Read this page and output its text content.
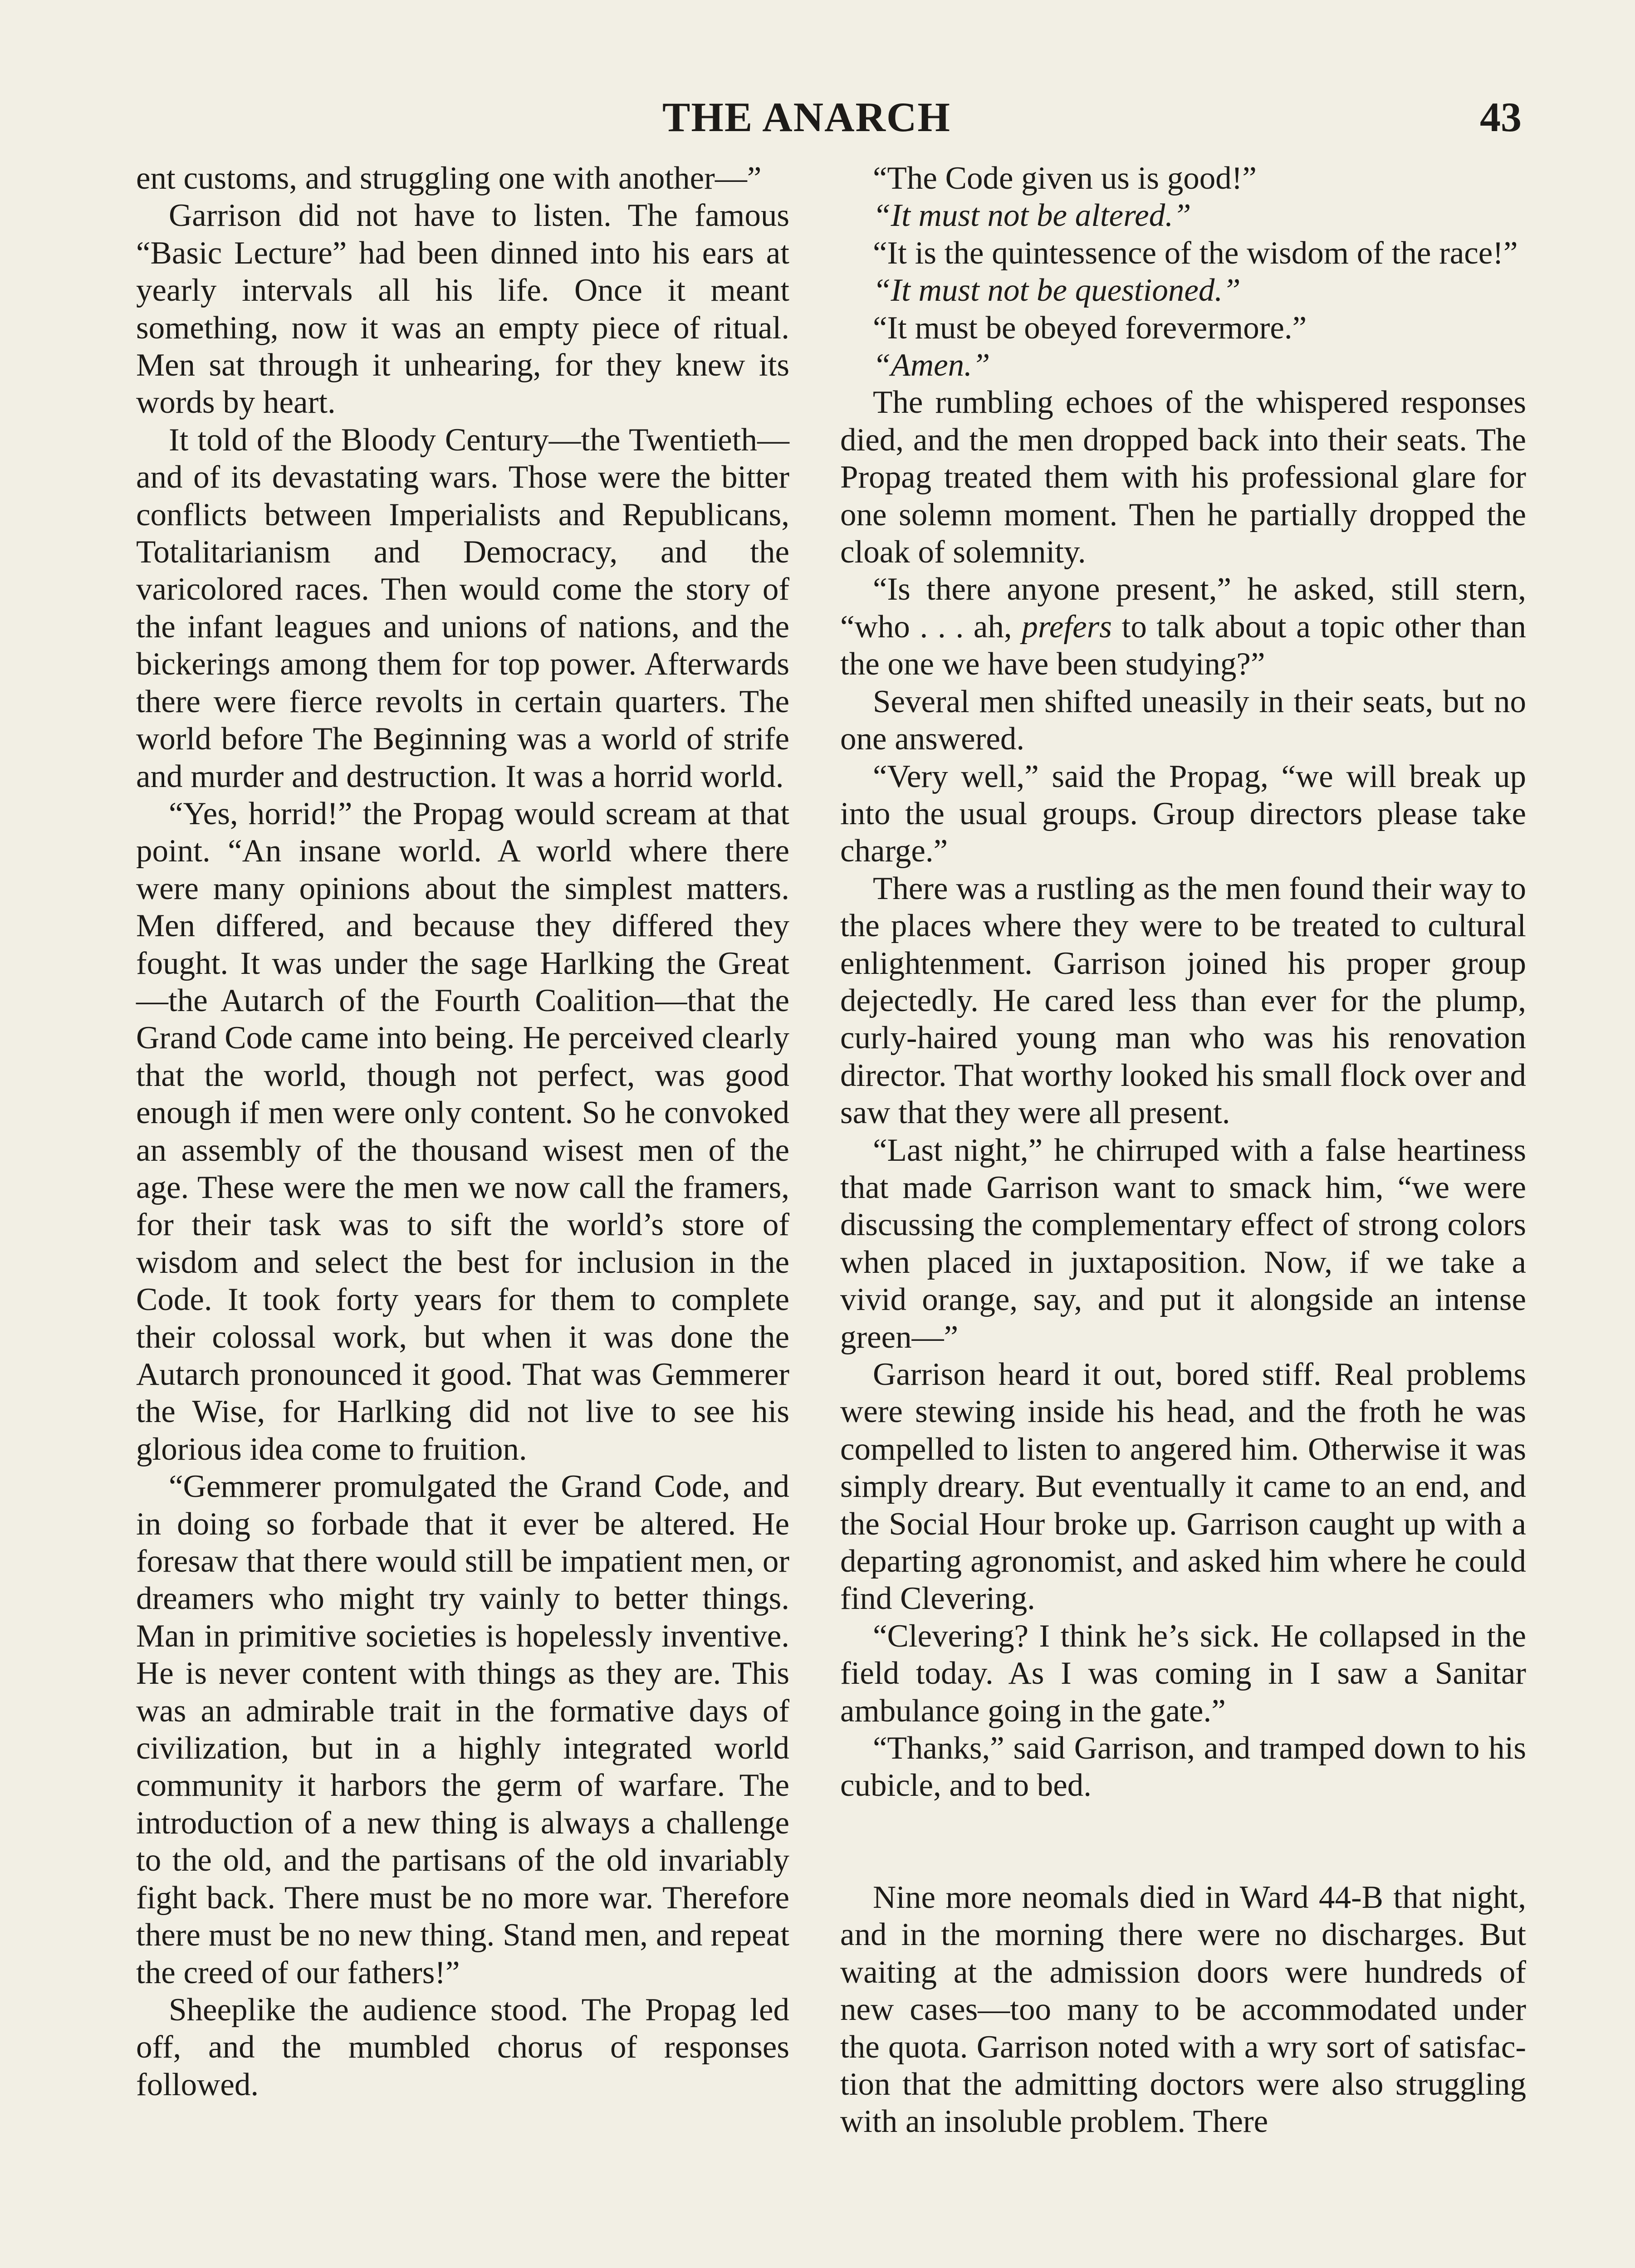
THE ANARCH	43

ent customs, and struggling one with another—”

Garrison did not have to listen. The famous “Basic Lecture” had been dinned into his ears at yearly intervals all his life. Once it meant something, now it was an empty piece of ritual. Men sat through it unhearing, for they knew its words by heart.

It told of the Bloody Century—the Twentieth—and of its devastating wars. Those were the bitter conflicts between Imperialists and Republicans, Totalitarianism and Democracy, and the varicolored races. Then would come the story of the infant leagues and unions of nations, and the bickerings among them for top power. Afterwards there were fierce revolts in certain quarters. The world before The Beginning was a world of strife and murder and destruction. It was a horrid world.

“Yes, horrid!” the Propag would scream at that point. “An insane world. A world where there were many opinions about the simplest matters. Men differed, and because they differed they fought. It was under the sage Harlking the Great—the Autarch of the Fourth Coalition—that the Grand Code came into being. He perceived clearly that the world, though not perfect, was good enough if men were only content. So he convoked an assembly of the thousand wisest men of the age. These were the men we now call the framers, for their task was to sift the world’s store of wisdom and select the best for inclusion in the Code. It took forty years for them to complete their colossal work, but when it was done the Autarch pronounced it good. That was Gemmerer the Wise, for Harlking did not live to see his glorious idea come to fruition.

“Gemmerer promulgated the Grand Code, and in doing so forbade that it ever be altered. He foresaw that there would still be impatient men, or dreamers who might try vainly to better things. Man in primitive societies is hopelessly inventive. He is never content with things as they are. This was an admirable trait in the formative days of civilization, but in a highly integrated world community it harbors the germ of warfare. The introduction of a new thing is always a challenge to the old, and the partisans of the old invariably fight back. There must be no more war. Therefore there must be no new thing. Stand men, and repeat the creed of our fathers!”

Sheeplike the audience stood. The Propag led off, and the mumbled chorus of responses followed.

“The Code given us is good!”

“It must not be altered.”

“It is the quintessence of the wisdom of the race!”

“It must not be questioned.”

“It must be obeyed forevermore.”

“Amen.”

The rumbling echoes of the whispered responses died, and the men dropped back into their seats. The Propag treated them with his professional glare for one solemn moment. Then he partially dropped the cloak of solemnity.

“Is there anyone present,” he asked, still stern, “who . . . ah, prefers to talk about a topic other than the one we have been studying?”

Several men shifted uneasily in their seats, but no one answered.

“Very well,” said the Propag, “we will break up into the usual groups. Group directors please take charge.”

There was a rustling as the men found their way to the places where they were to be treated to cultural enlightenment. Garrison joined his proper group dejectedly. He cared less than ever for the plump, curly-haired young man who was his renovation director. That worthy looked his small flock over and saw that they were all present.

“Last night,” he chirruped with a false heartiness that made Garrison want to smack him, “we were discussing the complementary effect of strong colors when placed in juxtaposition. Now, if we take a vivid orange, say, and put it alongside an intense green—”

Garrison heard it out, bored stiff. Real problems were stewing inside his head, and the froth he was compelled to listen to angered him. Otherwise it was simply dreary. But eventually it came to an end, and the Social Hour broke up. Garrison caught up with a departing agronomist, and asked him where he could find Clevering.

“Clevering? I think he’s sick. He collapsed in the field today. As I was coming in I saw a Sanitar ambulance going in the gate.”

“Thanks,” said Garrison, and tramped down to his cubicle, and to bed.

Nine more neomals died in Ward 44-B that night, and in the morning there were no discharges. But waiting at the admission doors were hundreds of new cases—too many to be accommodated under the quota. Garrison noted with a wry sort of satisfaction that the admitting doctors were also struggling with an insoluble problem. There
